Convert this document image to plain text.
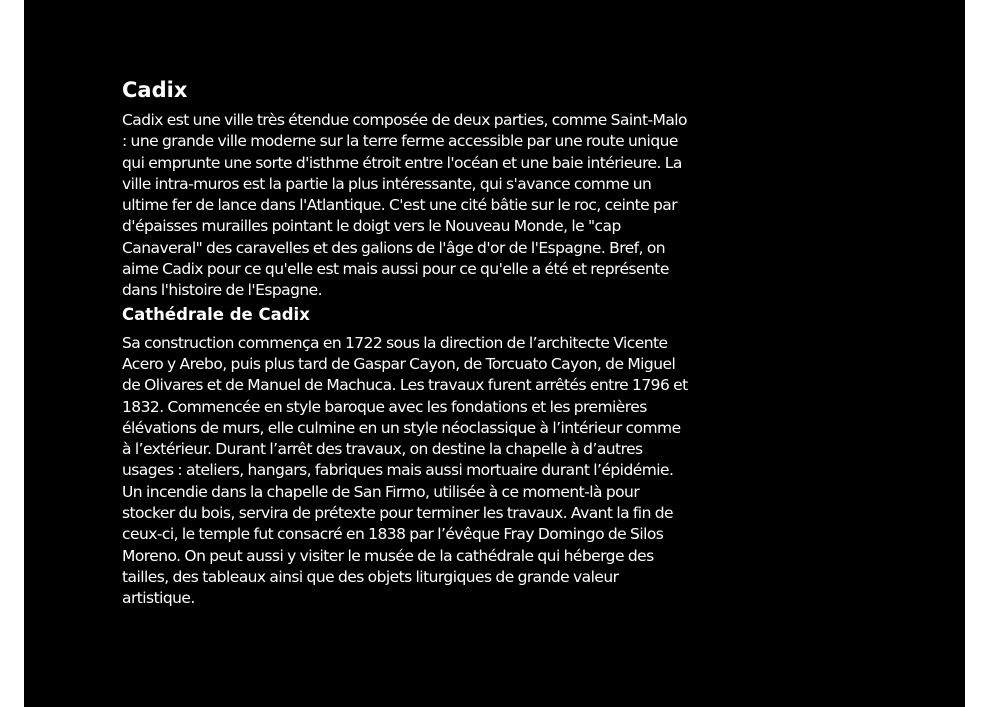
Cadix

Cadix est une ville très étendue composée de deux parties, comme Saint-Malo : une grande ville moderne sur la terre ferme accessible par une route unique qui emprunte une sorte d'isthme étroit entre l'océan et une baie intérieure. La ville intra-muros est la partie la plus intéressante, qui s'avance comme un ultime fer de lance dans l'Atlantique. C'est une cité bâtie sur le roc, ceinte par d'épaisses murailles pointant le doigt vers le Nouveau Monde, le "cap Canaveral" des caravelles et des galions de l'âge d'or de l'Espagne. Bref, on aime Cadix pour ce qu'elle est mais aussi pour ce qu'elle a été et représente dans l'histoire de l'Espagne.

Cathédrale de Cadix

Sa construction commença en 1722 sous la direction de l’architecte Vicente Acero y Arebo, puis plus tard de Gaspar Cayon, de Torcuato Cayon, de Miguel de Olivares et de Manuel de Machuca. Les travaux furent arrêtés entre 1796 et 1832. Commencée en style baroque avec les fondations et les premières élévations de murs, elle culmine en un style néoclassique à l’intérieur comme à l’extérieur. Durant l’arrêt des travaux, on destine la chapelle à d’autres usages : ateliers, hangars, fabriques mais aussi mortuaire durant l’épidémie. Un incendie dans la chapelle de San Firmo, utilisée à ce moment-là pour stocker du bois, servira de prétexte pour terminer les travaux. Avant la fin de ceux-ci, le temple fut consacré en 1838 par l’évêque Fray Domingo de Silos Moreno. On peut aussi y visiter le musée de la cathédrale qui héberge des tailles, des tableaux ainsi que des objets liturgiques de grande valeur artistique.
